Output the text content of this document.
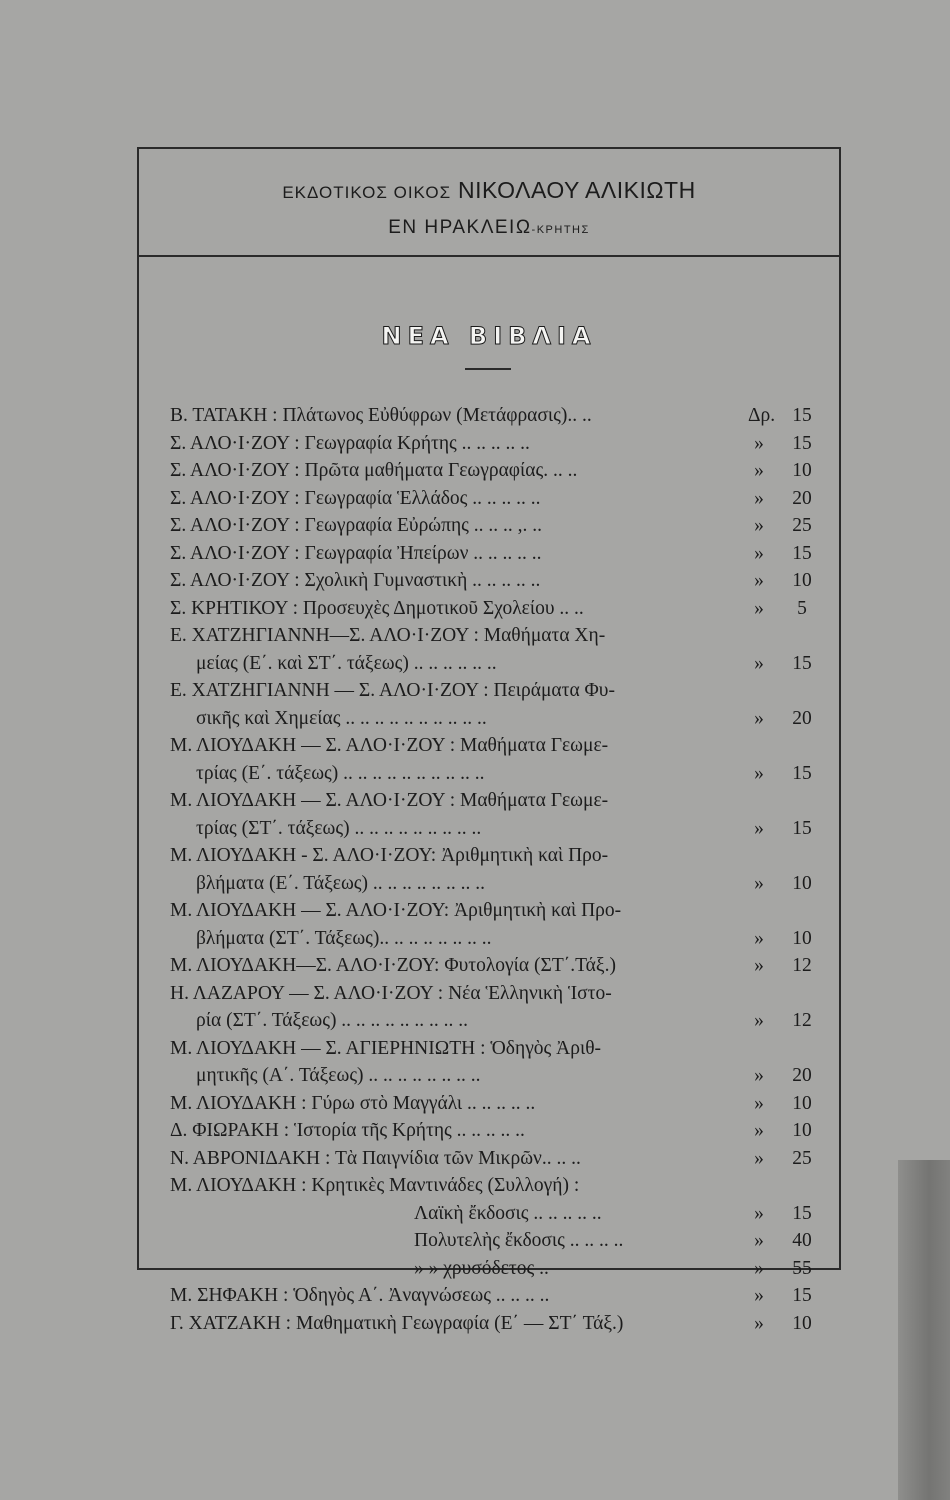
ΕΚΔΟΤΙΚΟΣ ΟΙΚΟΣ ΝΙΚΟΛΑΟΥ ΑΛΙΚΙΩΤΗ
ΕΝ ΗΡΑΚΛΕΙΩ-ΚΡΗΤΗΣ
ΝΕΑ ΒΙΒΛΙΑ
Β. ΤΑΤΑΚΗ : Πλάτωνος Εὐθύφρων (Μετάφρασις).. ..	Δρ. 15
Σ. ΑΛΟ·Ι·ΖΟΥ : Γεωγραφία Κρήτης .. .. .. .. ..	»	15
Σ. ΑΛΟ·Ι·ΖΟΥ : Πρῶτα μαθήματα Γεωγραφίας. .. ..	»	10
Σ. ΑΛΟ·Ι·ΖΟΥ : Γεωγραφία Ἑλλάδος .. .. .. .. ..	»	20
Σ. ΑΛΟ·Ι·ΖΟΥ : Γεωγραφία Εὐρώπης .. .. .. ,. ..	»	25
Σ. ΑΛΟ·Ι·ΖΟΥ : Γεωγραφία Ἠπείρων .. .. .. .. ..	»	15
Σ. ΑΛΟ·Ι·ΖΟΥ : Σχολικὴ Γυμναστικὴ .. .. .. .. ..	»	10
Σ. ΚΡΗΤΙΚΟΥ : Προσευχὲς Δημοτικοῦ Σχολείου .. ..	»	5
Ε. ΧΑΤΖΗΓΙΑΝΝΗ—Σ. ΑΛΟ·Ι·ΖΟΥ : Μαθήματα Χη-
μείας (Ε΄. καὶ ΣΤ΄. τάξεως) .. .. .. .. .. ..	»	15
Ε. ΧΑΤΖΗΓΙΑΝΝΗ — Σ. ΑΛΟ·Ι·ΖΟΥ : Πειράματα Φυ-
σικῆς καὶ Χημείας .. .. .. .. .. .. .. .. .. ..	»	20
Μ. ΛΙΟΥΔΑΚΗ — Σ. ΑΛΟ·Ι·ΖΟΥ : Μαθήματα Γεωμε-
τρίας (Ε΄. τάξεως) .. .. .. .. .. .. .. .. .. ..	»	15
Μ. ΛΙΟΥΔΑΚΗ — Σ. ΑΛΟ·Ι·ΖΟΥ : Μαθήματα Γεωμε-
τρίας (ΣΤ΄. τάξεως) .. .. .. .. .. .. .. .. ..	»	15
Μ. ΛΙΟΥΔΑΚΗ - Σ. ΑΛΟ·Ι·ΖΟΥ: Ἀριθμητικὴ καὶ Προ-
βλήματα (Ε΄. Τάξεως) .. .. .. .. .. .. .. ..	»	10
Μ. ΛΙΟΥΔΑΚΗ — Σ. ΑΛΟ·Ι·ΖΟΥ: Ἀριθμητικὴ καὶ Προ-
βλήματα (ΣΤ΄. Τάξεως).. .. .. .. .. .. .. ..	»	10
Μ. ΛΙΟΥΔΑΚΗ—Σ. ΑΛΟ·Ι·ΖΟΥ: Φυτολογία (ΣΤ΄.Τάξ.)	»	12
Η. ΛΑΖΑΡΟΥ — Σ. ΑΛΟ·Ι·ΖΟΥ : Νέα Ἑλληνικὴ Ἱστο-
ρία (ΣΤ΄. Τάξεως) .. .. .. .. .. .. .. .. ..	»	12
Μ. ΛΙΟΥΔΑΚΗ — Σ. ΑΓΙΕΡΗΝΙΩΤΗ : Ὁδηγὸς Ἀριθ-
μητικῆς (Α΄. Τάξεως) .. .. .. .. .. .. .. ..	»	20
Μ. ΛΙΟΥΔΑΚΗ : Γύρω στὸ Μαγγάλι .. .. .. .. ..	»	10
Δ. ΦΙΩΡΑΚΗ : Ἱστορία τῆς Κρήτης .. .. .. .. ..	»	10
Ν. ΑΒΡΟΝΙΔΑΚΗ : Τὰ Παιγνίδια τῶν Μικρῶν.. .. ..	»	25
Μ. ΛΙΟΥΔΑΚΗ : Κρητικὲς Μαντινάδες (Συλλογή) :
Λαϊκὴ ἔκδοσις .. .. .. .. ..	»	15
Πολυτελὴς ἔκδοσις .. .. .. ..	»	40
» » χρυσόδετος ..	»	55
Μ. ΣΗΦΑΚΗ : Ὁδηγὸς Α΄. Ἀναγνώσεως .. .. .. ..	»	15
Γ. ΧΑΤΖΑΚΗ : Μαθηματικὴ Γεωγραφία (Ε΄ — ΣΤ΄ Τάξ.)	»	10
